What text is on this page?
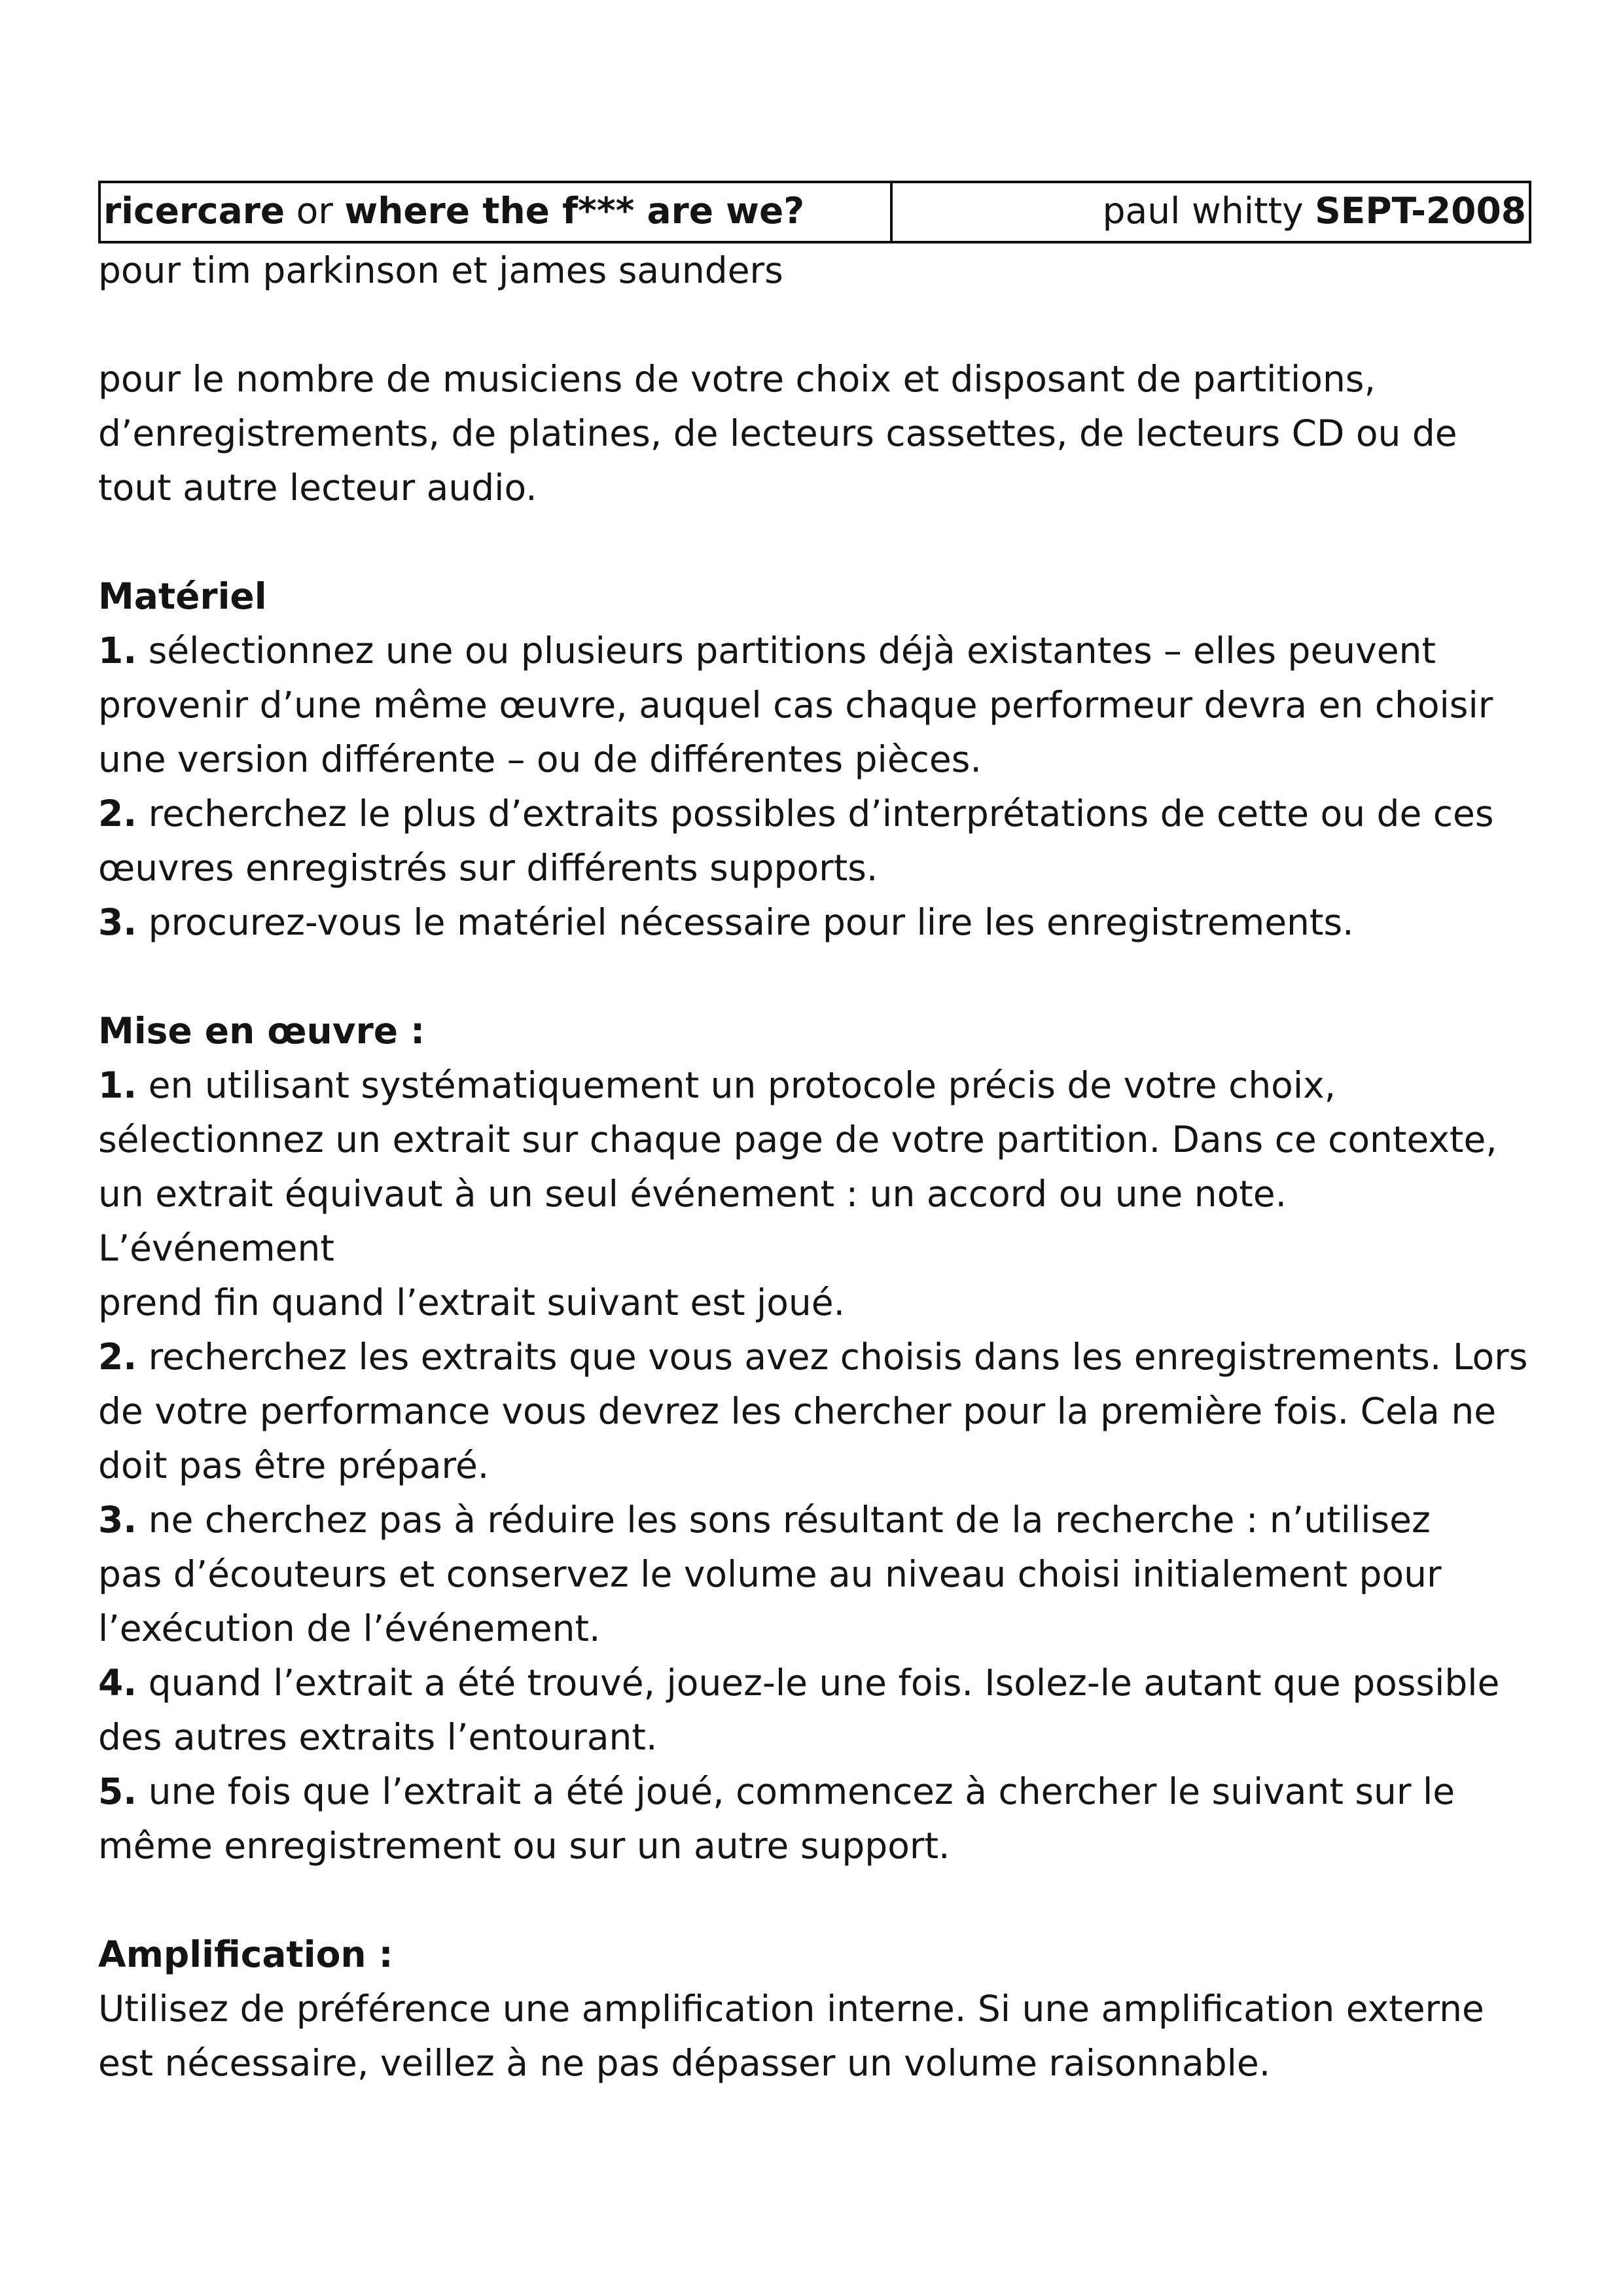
ricercare or where the f*** are we?	paul whitty SEPT-2008

pour tim parkinson et james saunders

pour le nombre de musiciens de votre choix et disposant de partitions,

d’enregistrements, de platines, de lecteurs cassettes, de lecteurs CD ou de

tout autre lecteur audio.

Matériel

1. sélectionnez une ou plusieurs partitions déjà existantes – elles peuvent

provenir d’une même œuvre, auquel cas chaque performeur devra en choisir

une version différente – ou de différentes pièces.

2. recherchez le plus d’extraits possibles d’interprétations de cette ou de ces

œuvres enregistrés sur différents supports.

3. procurez-vous le matériel nécessaire pour lire les enregistrements.

Mise en œuvre :

1. en utilisant systématiquement un protocole précis de votre choix,

sélectionnez un extrait sur chaque page de votre partition. Dans ce contexte,

un extrait équivaut à un seul événement : un accord ou une note. L’événement

prend fin quand l’extrait suivant est joué.

2. recherchez les extraits que vous avez choisis dans les enregistrements. Lors

de votre performance vous devrez les chercher pour la première fois. Cela ne

doit pas être préparé.

3. ne cherchez pas à réduire les sons résultant de la recherche : n’utilisez

pas d’écouteurs et conservez le volume au niveau choisi initialement pour

l’exécution de l’événement.

4. quand l’extrait a été trouvé, jouez-le une fois. Isolez-le autant que possible

des autres extraits l’entourant.

5. une fois que l’extrait a été joué, commencez à chercher le suivant sur le

même enregistrement ou sur un autre support.

Amplification :

Utilisez de préférence une amplification interne. Si une amplification externe

est nécessaire, veillez à ne pas dépasser un volume raisonnable.
